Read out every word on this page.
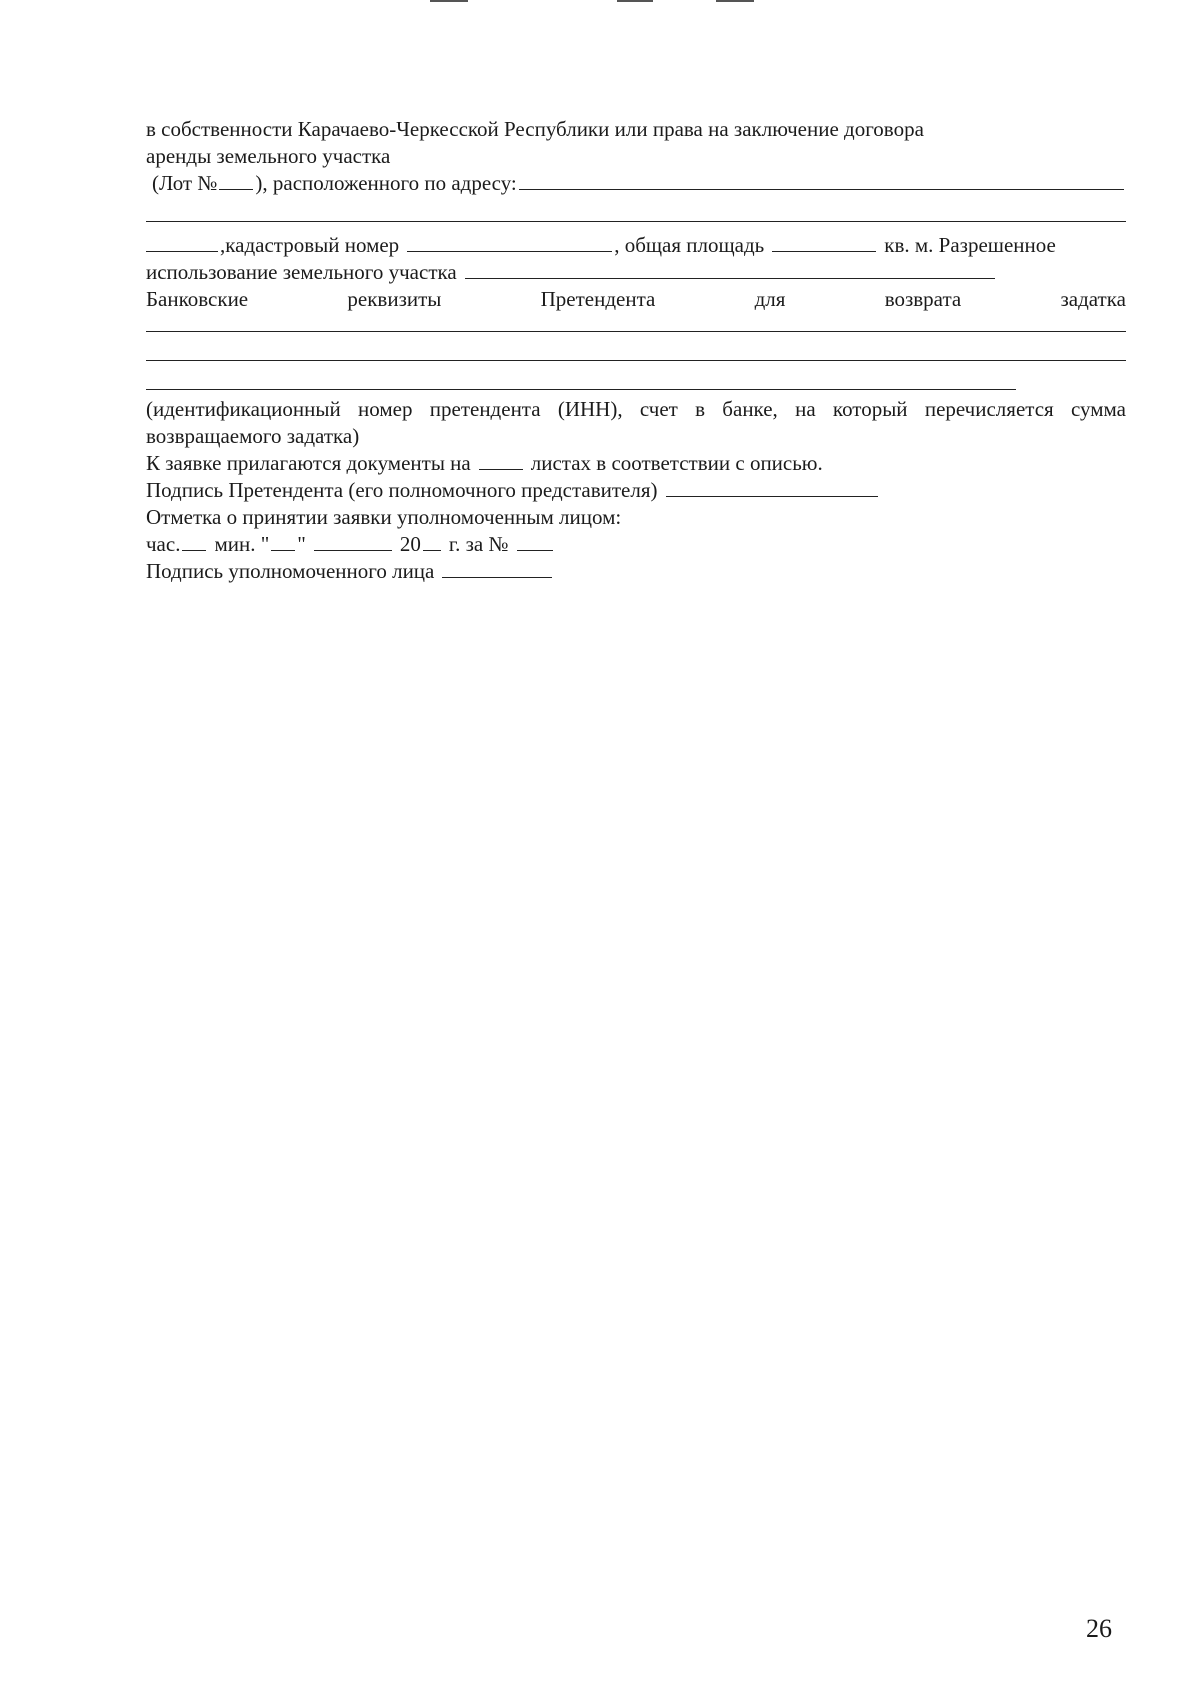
в собственности Карачаево-Черкесской Республики или права на заключение договора
аренды земельного участка
(Лот № ), расположенного по адресу:
,кадастровый номер	, общая площадь	кв. м. Разрешенное
использование земельного участка
Банковские	реквизиты	Претендента	для	возврата	задатка
(идентификационный номер претендента (ИНН), счет в банке, на который перечисляется сумма возвращаемого задатка)
К заявке прилагаются документы на	листах в соответствии с описью.
Подпись Претендента (его полномочного представителя)
Отметка о принятии заявки уполномоченным лицом:
час. мин. " "	20 г. за №
Подпись уполномоченного лица
26
